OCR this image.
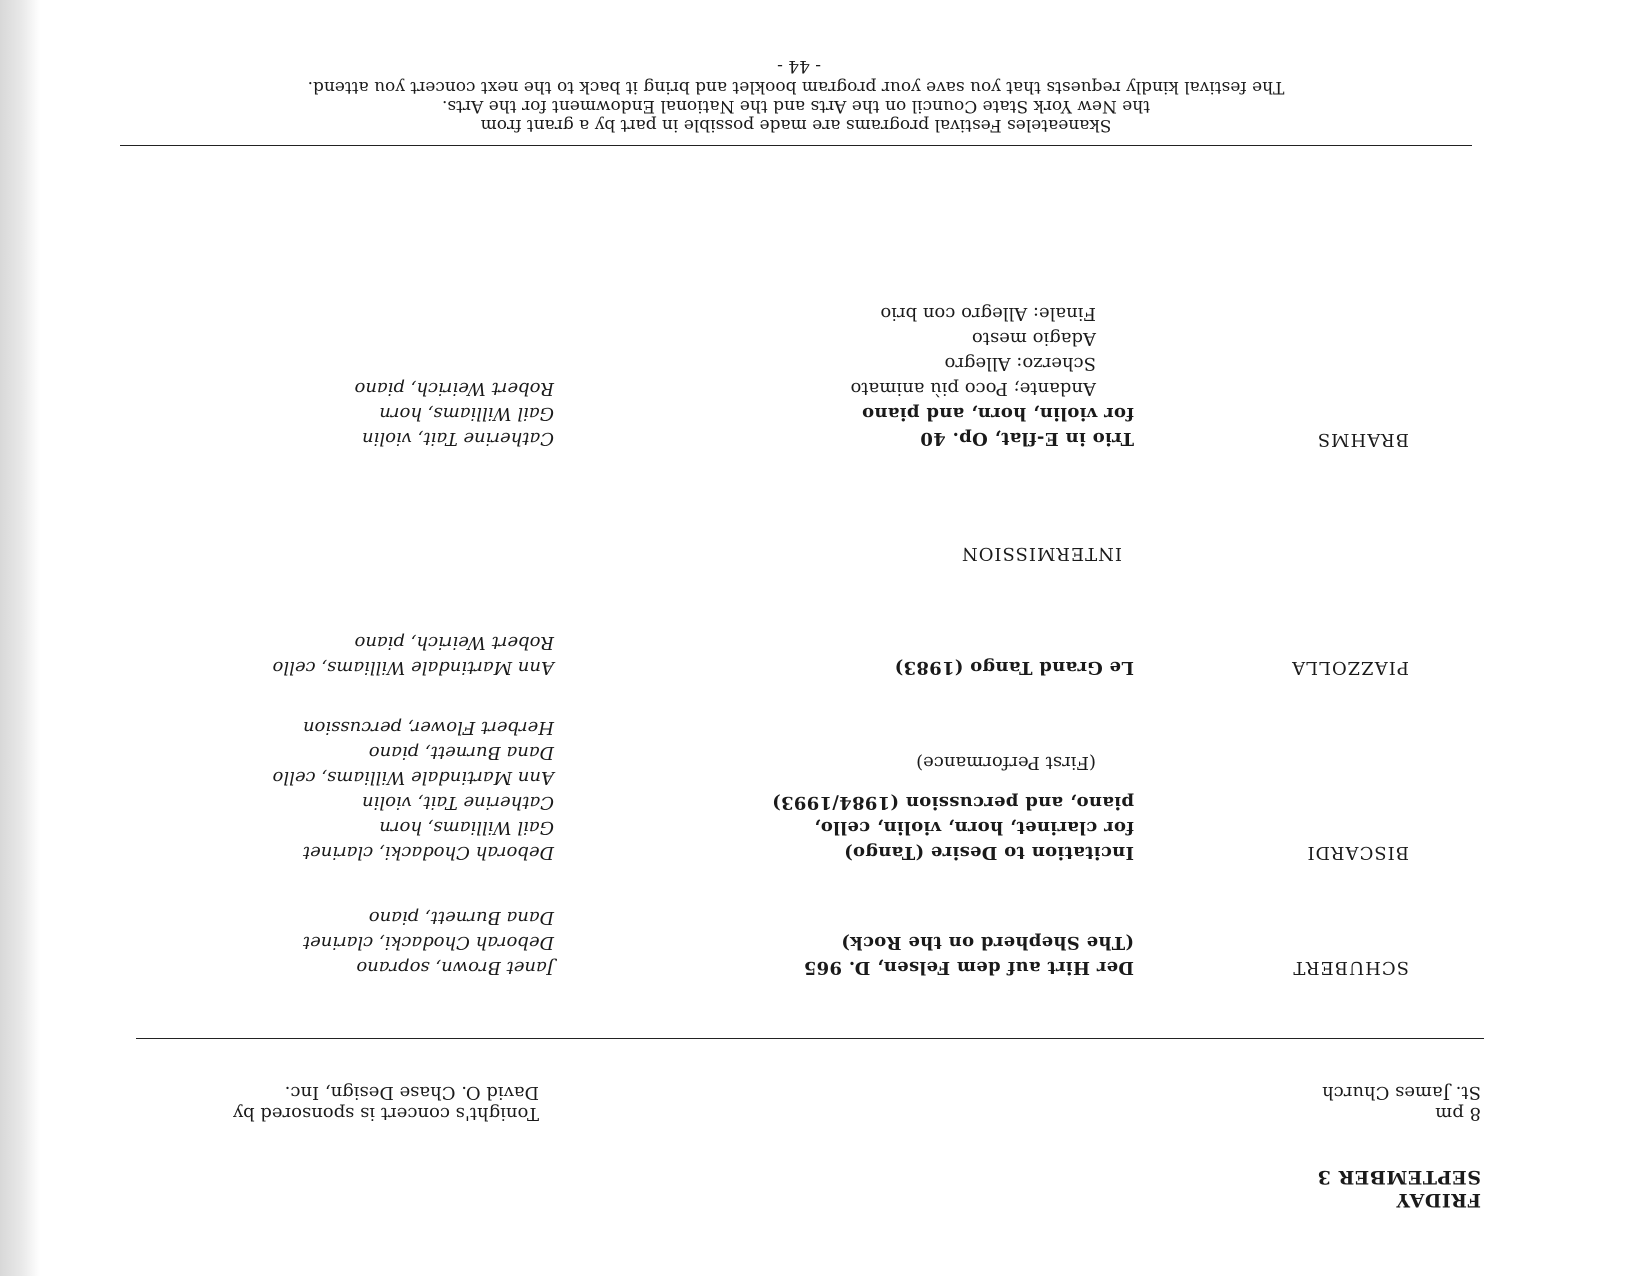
FRIDAY
SEPTEMBER 3
8 pm
St. James Church
Tonight's concert is sponsored by
David O. Chase Design, Inc.
SCHUBERT
Der Hirt auf dem Felsen, D. 965
(The Shepherd on the Rock)
Janet Brown, soprano
Deborah Chodacki, clarinet
Dana Burnett, piano
BISCARDI
Incitation to Desire (Tango)
for clarinet, horn, violin, cello,
piano, and percussion (1984/1993)
(First Performance)
Deborah Chodacki, clarinet
Gail Williams, horn
Catherine Tait, violin
Ann Martindale Williams, cello
Dana Burnett, piano
Herbert Flower, percussion
PIAZZOLLA
Le Grand Tango (1983)
Ann Martindale Williams, cello
Robert Weirich, piano
INTERMISSION
BRAHMS
Trio in E-flat, Op. 40
for violin, horn, and piano
Andante; Poco più animato
Scherzo: Allegro
Adagio mesto
Finale: Allegro con brio
Catherine Tait, violin
Gail Williams, horn
Robert Weirich, piano
Skaneateles Festival programs are made possible in part by a grant from
the New York State Council on the Arts and the National Endowment for the Arts.
The festival kindly requests that you save your program booklet and bring it back to the next concert you attend.
- 44 -
